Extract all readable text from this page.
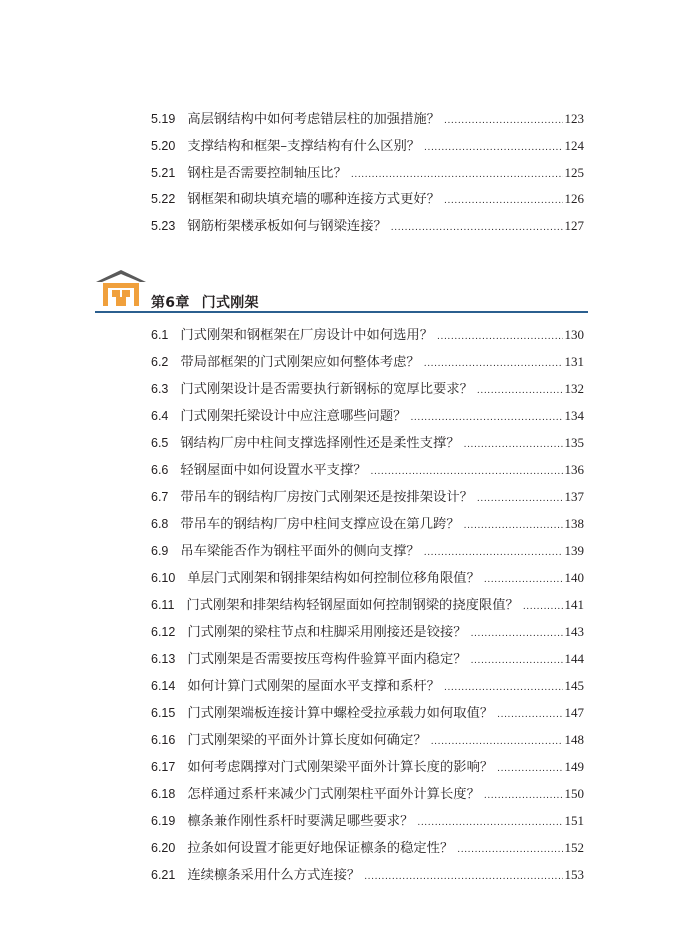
5.19 高层钢结构中如何考虑错层柱的加强措施？ .....	123
5.20 支撑结构和框架–支撑结构有什么区别？ .....	124
5.21 钢柱是否需要控制轴压比？ .....	125
5.22 钢框架和砌块填充墙的哪种连接方式更好？ .....	126
5.23 钢筋桁架楼承板如何与钢梁连接？ .....	127
第6章 门式刚架
6.1 门式刚架和钢框架在厂房设计中如何选用？ .....	130
6.2 带局部框架的门式刚架应如何整体考虑？ .....	131
6.3 门式刚架设计是否需要执行新钢标的宽厚比要求？ .....	132
6.4 门式刚架托梁设计中应注意哪些问题？ .....	134
6.5 钢结构厂房中柱间支撑选择刚性还是柔性支撑？ .....	135
6.6 轻钢屋面中如何设置水平支撑？ .....	136
6.7 带吊车的钢结构厂房按门式刚架还是按排架设计？ .....	137
6.8 带吊车的钢结构厂房中柱间支撑应设在第几跨？ .....	138
6.9 吊车梁能否作为钢柱平面外的侧向支撑？ .....	139
6.10 单层门式刚架和钢排架结构如何控制位移角限值？ .....	140
6.11 门式刚架和排架结构轻钢屋面如何控制钢梁的挠度限值？ .....	141
6.12 门式刚架的梁柱节点和柱脚采用刚接还是铰接？ .....	143
6.13 门式刚架是否需要按压弯构件验算平面内稳定？ .....	144
6.14 如何计算门式刚架的屋面水平支撑和系杆？ .....	145
6.15 门式刚架端板连接计算中螺栓受拉承载力如何取值？ .....	147
6.16 门式刚架梁的平面外计算长度如何确定？ .....	148
6.17 如何考虑隅撑对门式刚架梁平面外计算长度的影响？ .....	149
6.18 怎样通过系杆来减少门式刚架柱平面外计算长度？ .....	150
6.19 檩条兼作刚性系杆时要满足哪些要求？ .....	151
6.20 拉条如何设置才能更好地保证檩条的稳定性？ .....	152
6.21 连续檩条采用什么方式连接？ .....	153
